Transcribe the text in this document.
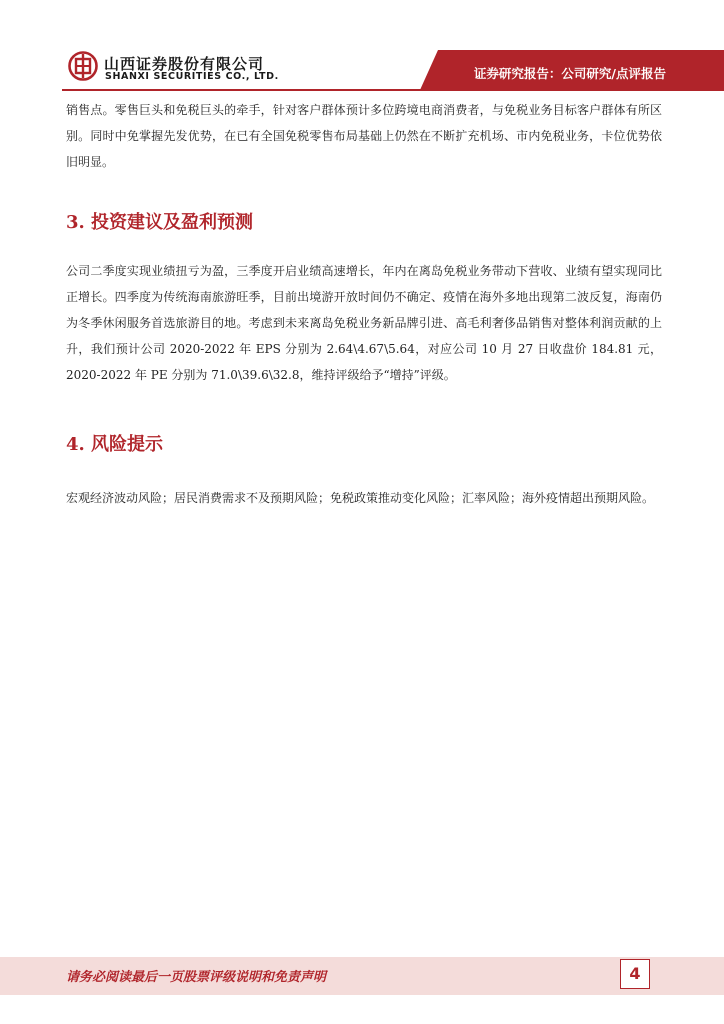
山西证券股份有限公司
SHANXI SECURITIES CO., LTD.	证券研究报告：公司研究/点评报告

销售点。零售巨头和免税巨头的牵手，针对客户群体预计多位跨境电商消费者，与免税业务目标客户群体有所区别。同时中免掌握先发优势，在已有全国免税零售布局基础上仍然在不断扩充机场、市内免税业务，卡位优势依旧明显。

3. 投资建议及盈利预测

公司二季度实现业绩扭亏为盈，三季度开启业绩高速增长，年内在离岛免税业务带动下营收、业绩有望实现同比正增长。四季度为传统海南旅游旺季，目前出境游开放时间仍不确定、疫情在海外多地出现第二波反复，海南仍为冬季休闲服务首选旅游目的地。考虑到未来离岛免税业务新品牌引进、高毛利奢侈品销售对整体利润贡献的上升，我们预计公司 2020-2022 年 EPS 分别为 2.64\4.67\5.64，对应公司 10 月 27 日收盘价 184.81 元，2020-2022 年 PE 分别为 71.0\39.6\32.8，维持评级给予“增持”评级。

4. 风险提示

宏观经济波动风险；居民消费需求不及预期风险；免税政策推动变化风险；汇率风险；海外疫情超出预期风险。

请务必阅读最后一页股票评级说明和免责声明	4
